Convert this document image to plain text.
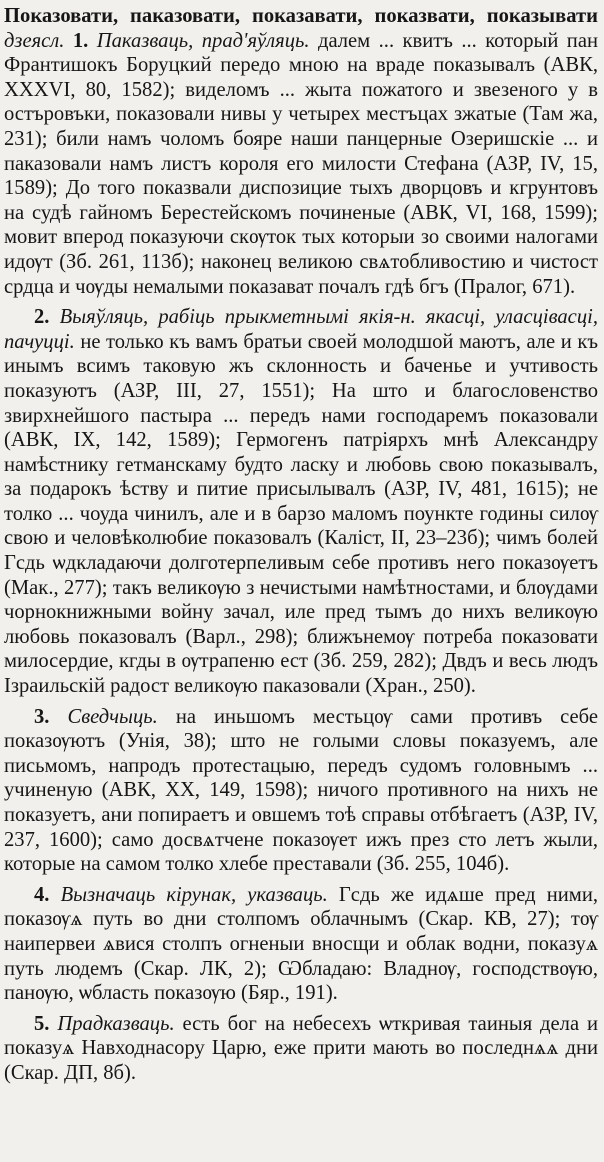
Показовати, паказовати, показавати, показвати, показывати дзеясл. 1. Паказваць, прад'яўляць. далем ... квитъ ... который пан Франтишокъ Боруцкий передо мною на враде показывалъ (АВК, XXXVI, 80, 1582); виделомъ ... жыта пожатого и звезеного у в остъровъки, показовали нивы у четырех местъцах зжатые (Там жа, 231); били намъ чоломъ бояре наши панцерные Озеришскіе ... и паказовали намъ листъ короля его милости Стефана (АЗР, IV, 15, 1589); До того показвали диспозицие тыхъ дворцовъ и кгрунтовъ на судѣ гайномъ Берестейскомъ починеные (АВК, VI, 168, 1599); мовит вперод показуючи скѹток тых которыи зо своими налогами идѹт (Зб. 261, 113б); наконец великою свѧтобливостию и чистост срдца и чѹды немалыми показават почалъ гдѣ бгъ (Пралог, 671).

2. Выяўляць, рабіць прыкметнымі якія-н. якасці, уласцівасці, пачуцці. не только къ вамъ братьи своей молодшой маютъ, але и къ инымъ всимъ таковую жъ склонность и баченье и учтивость показуютъ (АЗР, III, 27, 1551); На што и благословенство звирхнейшого пастыра ... передъ нами господаремъ показовали (АВК, IX, 142, 1589); Гермогенъ патріярхъ мнѣ Александру намѣстнику гетманскаму будто ласку и любовь свою показывалъ, за подарокъ ѣству и питие присылывалъ (АЗР, IV, 481, 1615); не толко ... чоуда чинилъ, але и в барзо маломъ поункте годины силѹ свою и человѣколюбие показовалъ (Каліст, II, 23–23б); чимъ болей Гсдь ѡдкладаючи долготерпеливым себе противъ него показѹетъ (Мак., 277); такъ великѹю з нечистыми намѣтностами, и блѹдами чорнокнижными войну зачал, иле пред тымъ до нихъ великѹю любовь показовалъ (Варл., 298); ближънемѹ потреба показовати милосердие, кгды в ѹтрапеню ест (Зб. 259, 282); Двдъ и весь людъ Ізраильскій радост великѹю паказовали (Хран., 250).

3. Сведчыць. на иньшомъ местьцѹ сами противъ себе показѹютъ (Унія, 38); што не голыми словы показуемъ, але письмомъ, напродъ протестацыю, передъ судомъ головнымъ ... учиненую (АВК, XX, 149, 1598); ничого противного на нихъ не показуетъ, ани попираетъ и овшемъ тоѣ справы отбѣгаетъ (АЗР, IV, 237, 1600); само досвѧтчене показѹет ижъ през сто летъ жыли, которые на самом толко хлебе преставали (Зб. 255, 104б).

4. Вызначаць кірунак, указваць. Гсдь же идѧше пред ними, показѹѧ путь во дни столпомъ облачнымъ (Скар. КВ, 27); тѹ наипервеи ѧвися столпъ огненыи вносщи и облак водни, показуѧ путь людемъ (Скар. ЛК, 2); Ѡбладаю: Владнѹ, господствѹю, панѹю, ѡбласть показѹю (Бяр., 191).

5. Прадказваць. есть бог на небесехъ ѡткривая таиныя дела и показуѧ Навходнасору Царю, еже прити мають во последнѧѧ дни (Скар. ДП, 8б).
